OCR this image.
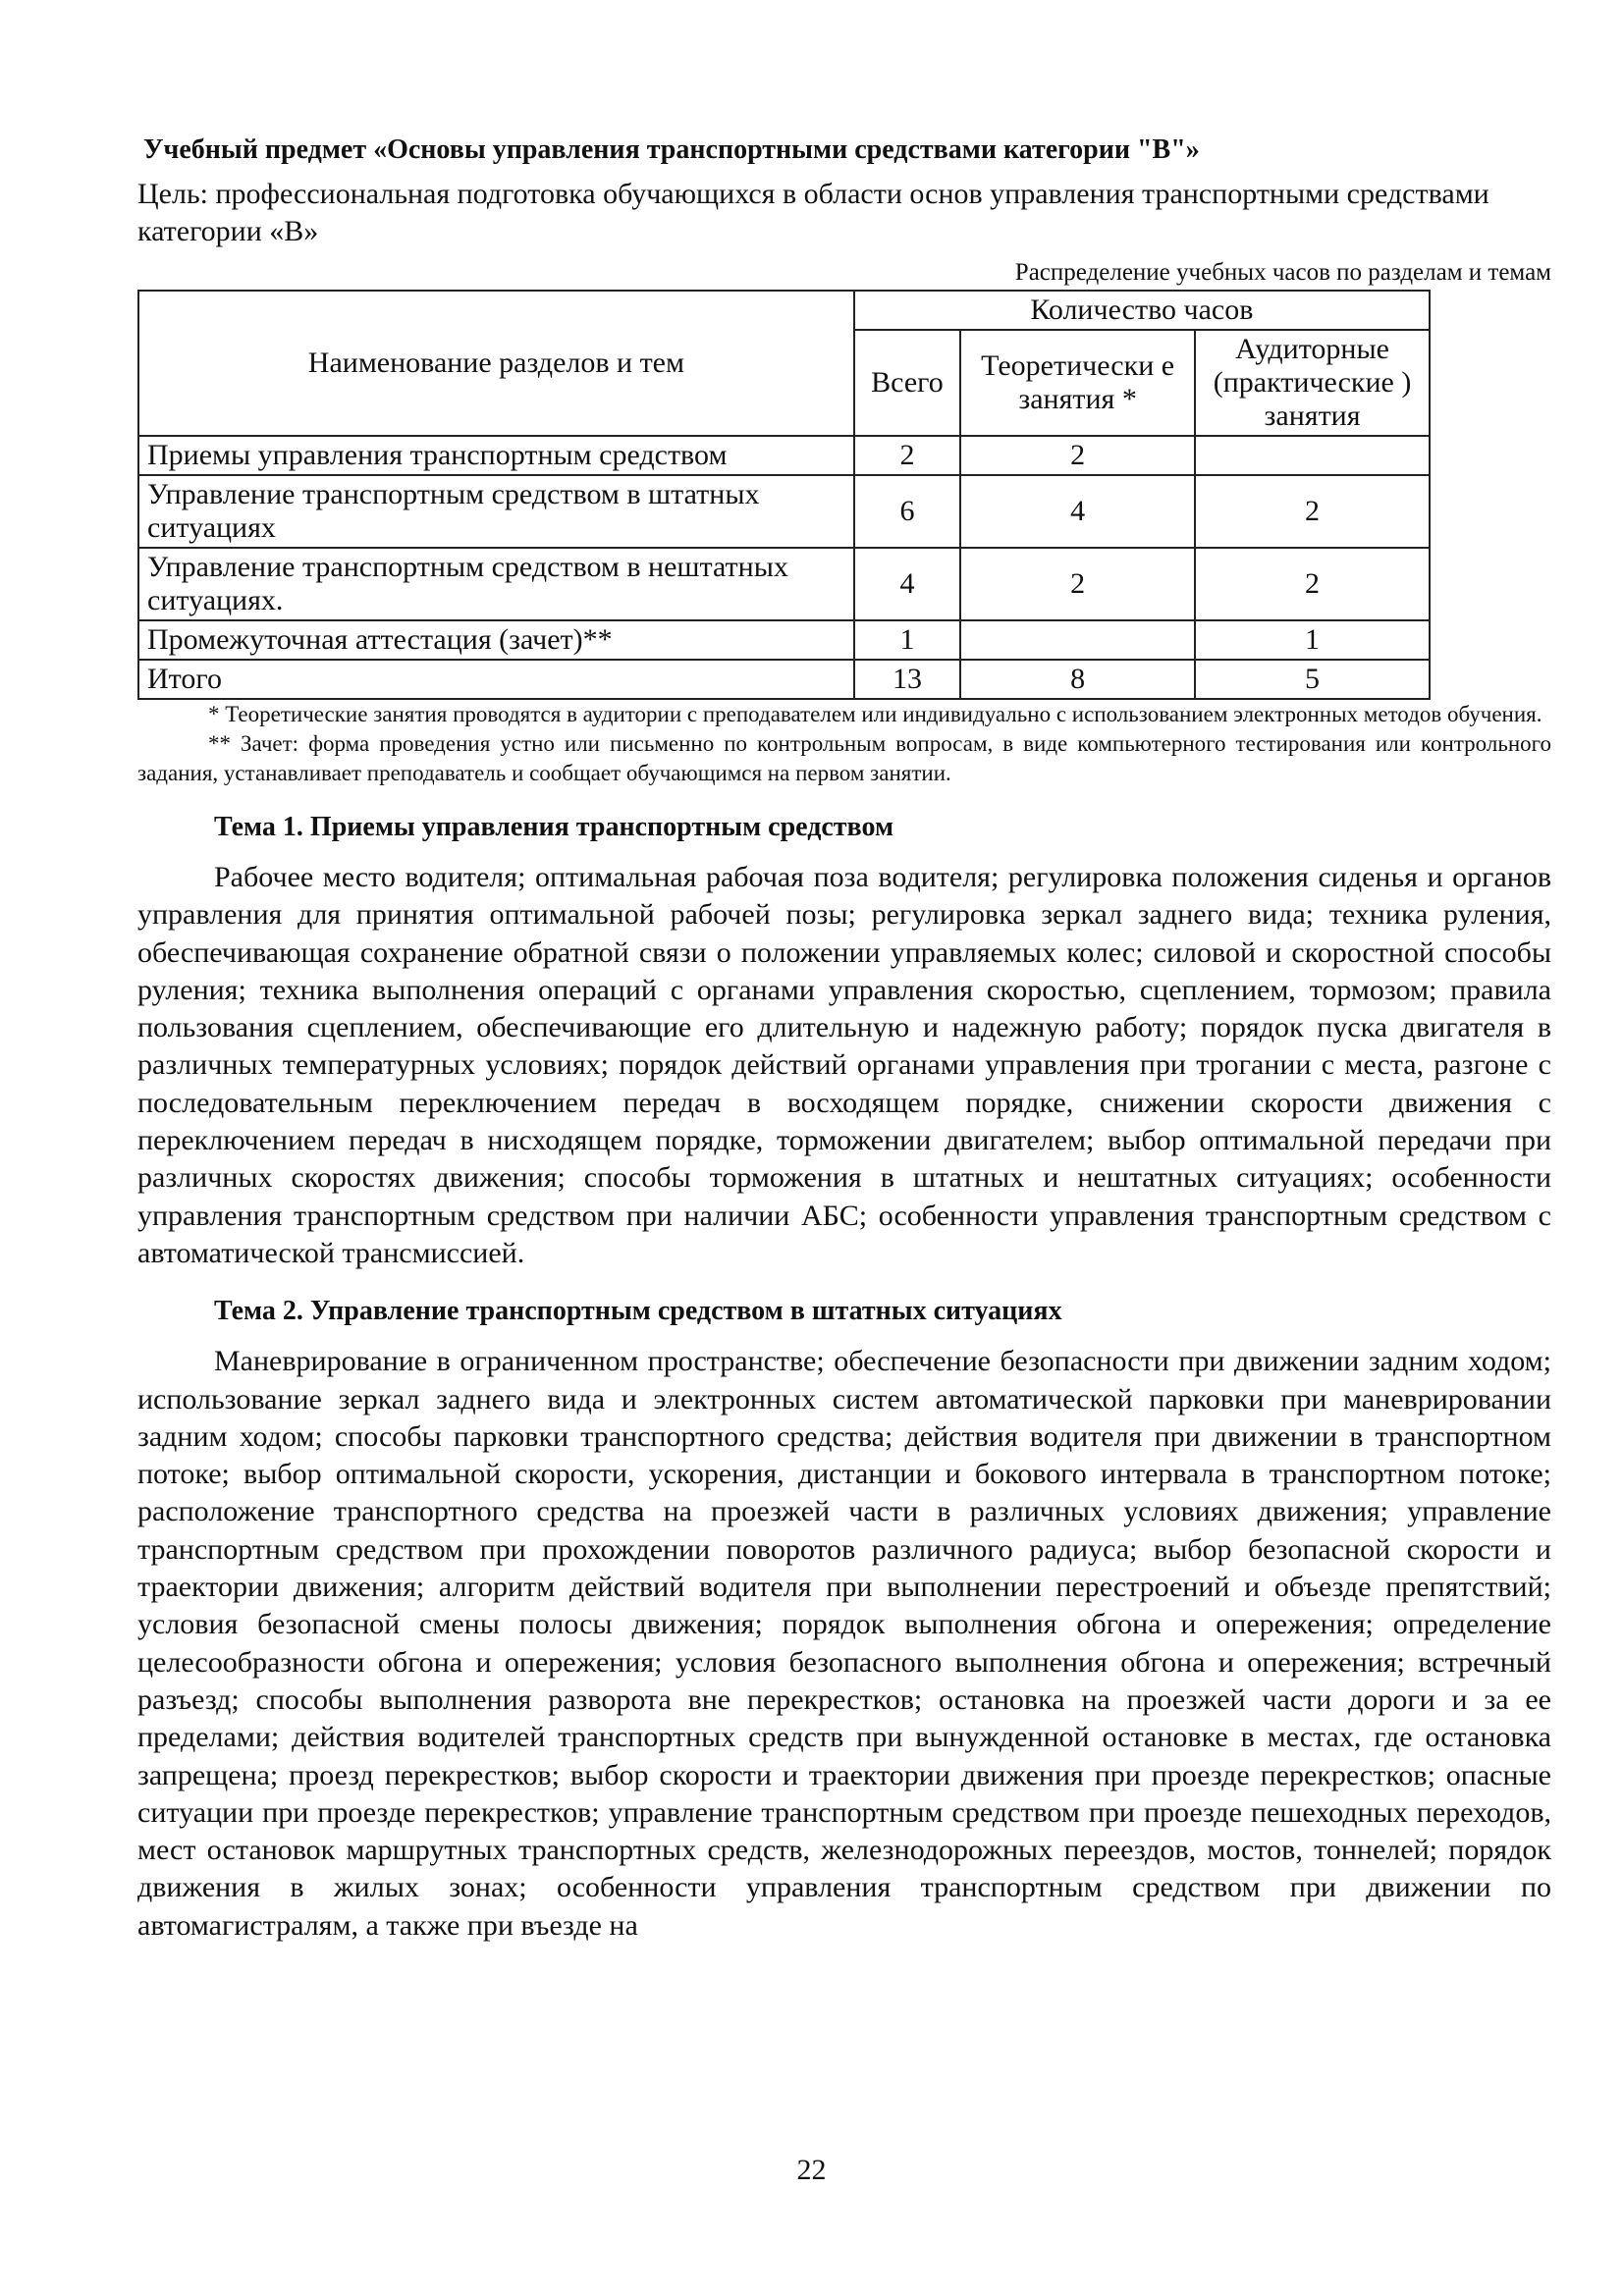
Учебный предмет «Основы управления транспортными средствами категории "В"»

Цель: профессиональная подготовка обучающихся в области основ управления транспортными средствами категории «В»

Распределение учебных часов по разделам и темам

Наименование разделов и тем	Количество часов		
	Всего	Теоретически е занятия *	Аудиторные (практические ) занятия
Приемы управления транспортным средством	2	2	
Управление транспортным средством в штатных ситуациях	6	4	2
Управление транспортным средством в нештатных ситуациях.	4	2	2
Промежуточная аттестация (зачет)**	1		1
Итого	13	8	5

* Теоретические занятия проводятся в аудитории с преподавателем или индивидуально с использованием электронных методов обучения.

** Зачет: форма проведения устно или письменно по контрольным вопросам, в виде компьютерного тестирования или контрольного задания, устанавливает преподаватель и сообщает обучающимся на первом занятии.

Тема 1. Приемы управления транспортным средством

Рабочее место водителя; оптимальная рабочая поза водителя; регулировка положения сиденья и органов управления для принятия оптимальной рабочей позы; регулировка зеркал заднего вида; техника руления, обеспечивающая сохранение обратной связи о положении управляемых колес; силовой и скоростной способы руления; техника выполнения операций с органами управления скоростью, сцеплением, тормозом; правила пользования сцеплением, обеспечивающие его длительную и надежную работу; порядок пуска двигателя в различных температурных условиях; порядок действий органами управления при трогании с места, разгоне с последовательным переключением передач в восходящем порядке, снижении скорости движения с переключением передач в нисходящем порядке, торможении двигателем; выбор оптимальной передачи при различных скоростях движения; способы торможения в штатных и нештатных ситуациях; особенности управления транспортным средством при наличии АБС; особенности управления транспортным средством с автоматической трансмиссией.

Тема 2. Управление транспортным средством в штатных ситуациях

Маневрирование в ограниченном пространстве; обеспечение безопасности при движении задним ходом; использование зеркал заднего вида и электронных систем автоматической парковки при маневрировании задним ходом; способы парковки транспортного средства; действия водителя при движении в транспортном потоке; выбор оптимальной скорости, ускорения, дистанции и бокового интервала в транспортном потоке; расположение транспортного средства на проезжей части в различных условиях движения; управление транспортным средством при прохождении поворотов различного радиуса; выбор безопасной скорости и траектории движения; алгоритм действий водителя при выполнении перестроений и объезде препятствий; условия безопасной смены полосы движения; порядок выполнения обгона и опережения; определение целесообразности обгона и опережения; условия безопасного выполнения обгона и опережения; встречный разъезд; способы выполнения разворота вне перекрестков; остановка на проезжей части дороги и за ее пределами; действия водителей транспортных средств при вынужденной остановке в местах, где остановка запрещена; проезд перекрестков; выбор скорости и траектории движения при проезде перекрестков; опасные ситуации при проезде перекрестков; управление транспортным средством при проезде пешеходных переходов, мест остановок маршрутных транспортных средств, железнодорожных переездов, мостов, тоннелей; порядок движения в жилых зонах; особенности управления транспортным средством при движении по автомагистралям, а также при въезде на

22
